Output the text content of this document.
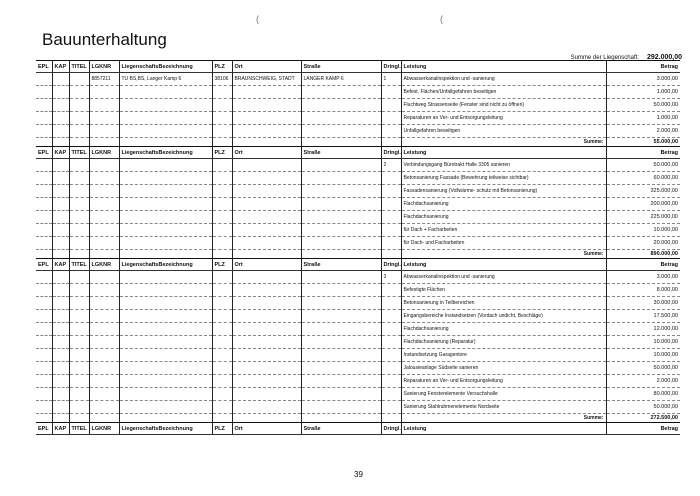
(	(
Bauunterhaltung
Summe der Liegenschaft: 292.000,00
EPL	KAP	TITEL	LGKNR	LiegenschaftsBezeichnung	PLZ	Ort	Straße	Dringl.	Leistung	Betrag
			8857211	TU BS,BS, Langer Kamp 6	38106	BRAUNSCHWEIG, STADT	LANGER KAMP 6	1	Abwasserkanalinspektion und -sanierung	3.000,00
									Befest. Flächen/Unfallgefahren beseitigen	1.000,00
									Fluchtweg Strassenseite (Fenster sind nicht zu öffnen)	50.000,00
									Reparaturen an Ver- und Entsorgungsleitung	1.000,00
									Unfallgefahren beseitigen	2.000,00
									Summe:	55.000,00
EPL	KAP	TITEL	LGKNR	LiegenschaftsBezeichnung	PLZ	Ort	Straße	Dringl.	Leistung	Betrag
								2	Verbindungsgang Bürotrakt Halle 3305 sanieren	50.000,00
									Betonsanierung Fassade (Bewehrung teilweise sichtbar)	60.000,00
									Fassadensanierung (Vollwärme- schutz mit Betonsanierung)	325.000,00
									Flachdachsanierung	200.000,00
									Flachdachsanierung	225.000,00
									für Dach + Facharbeiten	10.000,00
									für Dach- und Facharbeiten	20.000,00
									Summe:	890.000,00
EPL	KAP	TITEL	LGKNR	LiegenschaftsBezeichnung	PLZ	Ort	Straße	Dringl.	Leistung	Betrag
								3	Abwasserkanalinspektion und -sanierung	3.000,00
									Befestigte Flächen	8.000,00
									Betonsanierung in Teilbereichen	30.000,00
									Eingangsbereiche Instandsetzen (Vordach undicht, Beschläge)	17.500,00
									Flachdachsanierung	12.000,00
									Flachdachsanierung (Reparatur)	10.000,00
									Instandsetzung Garagentore	10.000,00
									Jalousieanlage Südseite sanieren	50.000,00
									Reparaturen an Ver- und Entsorgungsleitung	2.000,00
									Sanierung Fensterelemente Versuchshalle	80.000,00
									Sanierung Stahlrahmenelemente Nordseite	50.000,00
									Summe:	272.500,00
EPL	KAP	TITEL	LGKNR	LiegenschaftsBezeichnung	PLZ	Ort	Straße	Dringl.	Leistung	Betrag
39
